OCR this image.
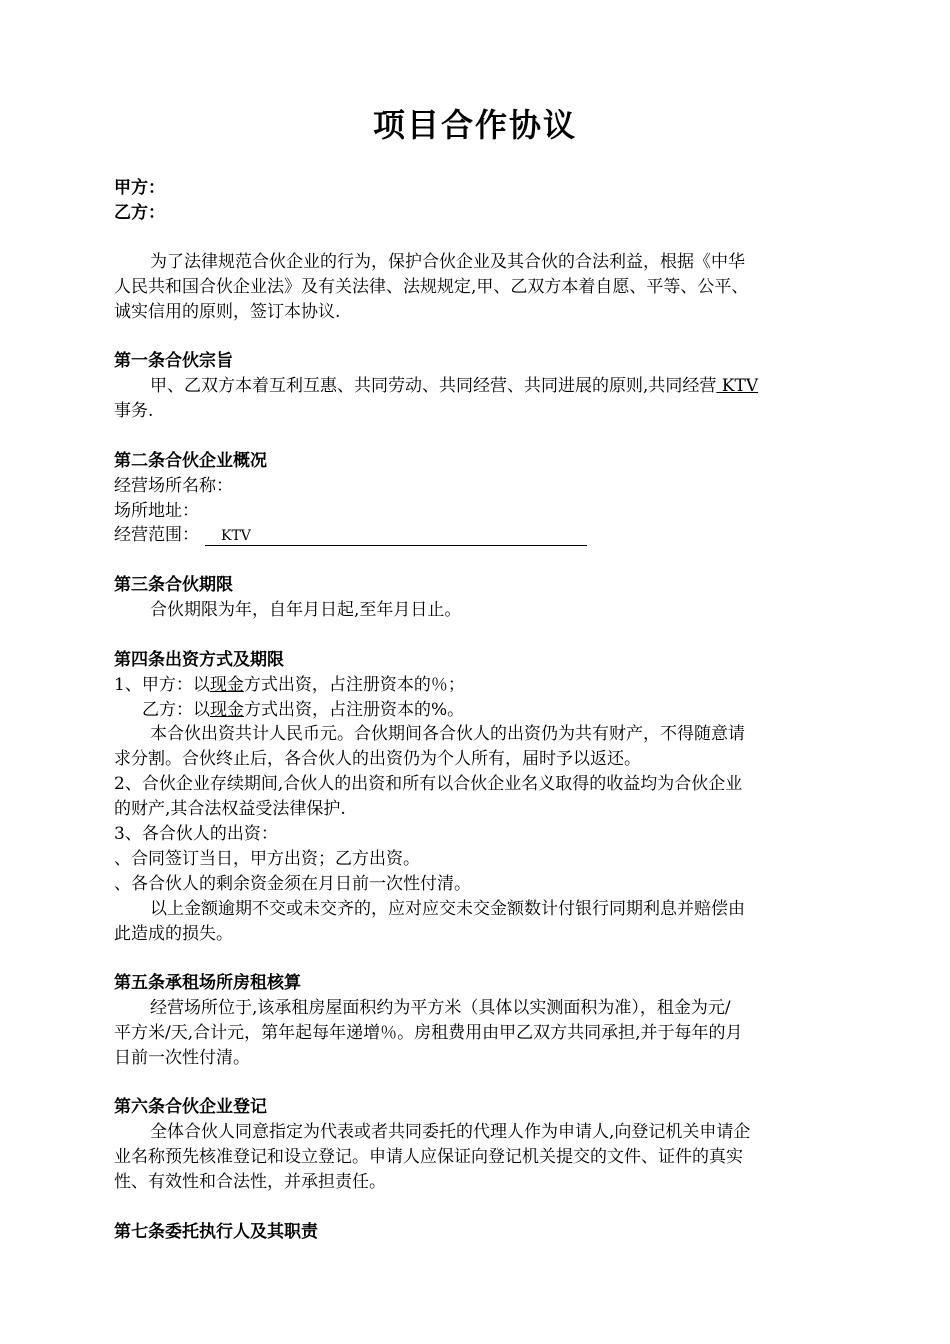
项目合作协议
甲方：
乙方：
为了法律规范合伙企业的行为，保护合伙企业及其合伙的合法利益，根据《中华
人民共和国合伙企业法》及有关法律、法规规定,甲、乙双方本着自愿、平等、公平、
诚实信用的原则，签订本协议.
第一条合伙宗旨
甲、乙双方本着互利互惠、共同劳动、共同经营、共同进展的原则,共同经营 KTV
事务.
第二条合伙企业概况
经营场所名称：
场所地址：
经营范围： KTV
第三条合伙期限
合伙期限为年，自年月日起,至年月日止。
第四条出资方式及期限
1、甲方：以现金方式出资，占注册资本的％；
乙方：以现金方式出资，占注册资本的%。
本合伙出资共计人民币元。合伙期间各合伙人的出资仍为共有财产，不得随意请
求分割。合伙终止后，各合伙人的出资仍为个人所有，届时予以返还。
2、合伙企业存续期间,合伙人的出资和所有以合伙企业名义取得的收益均为合伙企业
的财产,其合法权益受法律保护.
3、各合伙人的出资：
、合同签订当日，甲方出资；乙方出资。
、各合伙人的剩余资金须在月日前一次性付清。
以上金额逾期不交或未交齐的，应对应交未交金额数计付银行同期利息并赔偿由
此造成的损失。
第五条承租场所房租核算
经营场所位于,该承租房屋面积约为平方米（具体以实测面积为准），租金为元/
平方米/天,合计元，第年起每年递增％。房租费用由甲乙双方共同承担,并于每年的月
日前一次性付清。
第六条合伙企业登记
全体合伙人同意指定为代表或者共同委托的代理人作为申请人,向登记机关申请企
业名称预先核准登记和设立登记。申请人应保证向登记机关提交的文件、证件的真实
性、有效性和合法性，并承担责任。
第七条委托执行人及其职责
